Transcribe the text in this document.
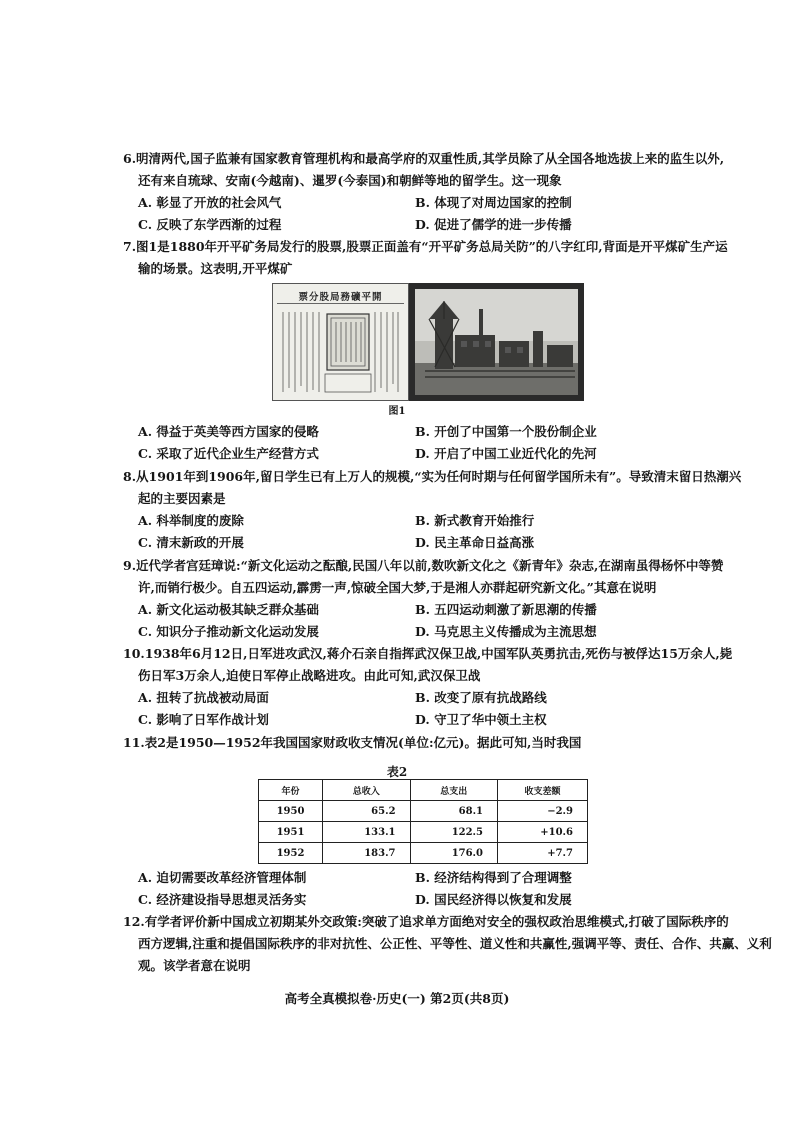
6.明清两代,国子监兼有国家教育管理机构和最高学府的双重性质,其学员除了从全国各地选拔上来的监生以外,
还有来自琉球、安南(今越南)、暹罗(今泰国)和朝鲜等地的留学生。这一现象
A. 彰显了开放的社会风气	B. 体现了对周边国家的控制
C. 反映了东学西渐的过程	D. 促进了儒学的进一步传播
7.图1是1880年开平矿务局发行的股票,股票正面盖有“开平矿务总局关防”的八字红印,背面是开平煤矿生产运
输的场景。这表明,开平煤矿
票分股局務礦平開
图1
A. 得益于英美等西方国家的侵略	B. 开创了中国第一个股份制企业
C. 采取了近代企业生产经营方式	D. 开启了中国工业近代化的先河
8.从1901年到1906年,留日学生已有上万人的规模,“实为任何时期与任何留学国所未有”。导致清末留日热潮兴
起的主要因素是
A. 科举制度的废除	B. 新式教育开始推行
C. 清末新政的开展	D. 民主革命日益高涨
9.近代学者宫廷璋说:“新文化运动之酝酿,民国八年以前,数吹新文化之《新青年》杂志,在湖南虽得杨怀中等赞
许,而销行极少。自五四运动,霹雳一声,惊破全国大梦,于是湘人亦群起研究新文化。”其意在说明
A. 新文化运动极其缺乏群众基础	B. 五四运动刺激了新思潮的传播
C. 知识分子推动新文化运动发展	D. 马克思主义传播成为主流思想
10.1938年6月12日,日军进攻武汉,蒋介石亲自指挥武汉保卫战,中国军队英勇抗击,死伤与被俘达15万余人,毙
伤日军3万余人,迫使日军停止战略进攻。由此可知,武汉保卫战
A. 扭转了抗战被动局面	B. 改变了原有抗战路线
C. 影响了日军作战计划	D. 守卫了华中领土主权
11.表2是1950—1952年我国国家财政收支情况(单位:亿元)。据此可知,当时我国
表2
年份	总收入	总支出	收支差额
1950	65.2	68.1	−2.9
1951	133.1	122.5	+10.6
1952	183.7	176.0	+7.7
A. 迫切需要改革经济管理体制	B. 经济结构得到了合理调整
C. 经济建设指导思想灵活务实	D. 国民经济得以恢复和发展
12.有学者评价新中国成立初期某外交政策:突破了追求单方面绝对安全的强权政治思维模式,打破了国际秩序的
西方逻辑,注重和提倡国际秩序的非对抗性、公正性、平等性、道义性和共赢性,强调平等、责任、合作、共赢、义利
观。该学者意在说明
高考全真模拟卷·历史(一) 第2页(共8页)
